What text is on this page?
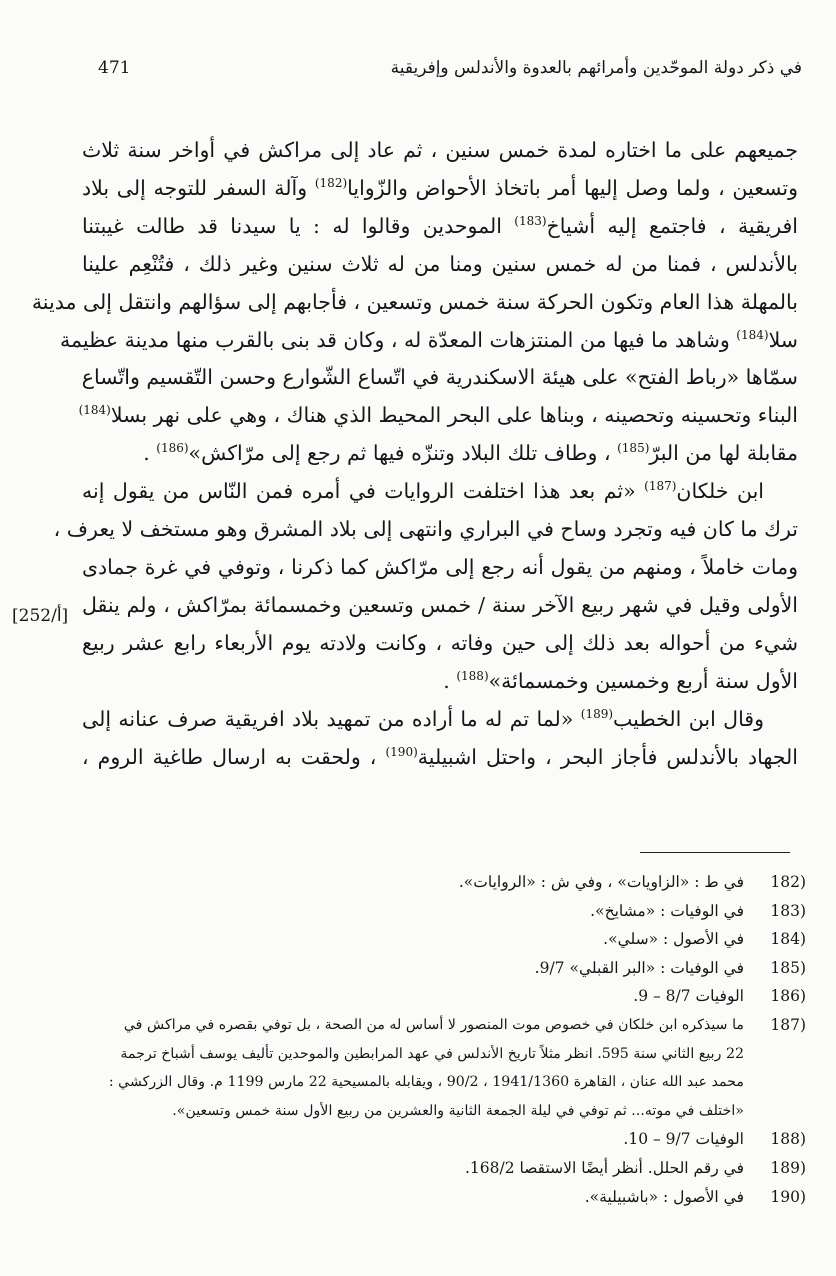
471	في ذكر دولة الموحّدين وأمرائهم بالعدوة والأندلس وإفريقية
[252/أ]

جميعهم على ما اختاره لمدة خمس سنين ، ثم عاد إلى مراكش في أواخر سنة ثلاث
وتسعين ، ولما وصل إليها أمر باتخاذ الأحواض والزّوايا$^{(182)}$ وآلة السفر للتوجه إلى بلاد
افريقية ، فاجتمع إليه أشياخ$^{(183)}$ الموحدين وقالوا له : يا سيدنا قد طالت غيبتنا
بالأندلس ، فمنا من له خمس سنين ومنا من له ثلاث سنين وغير ذلك ، فتُنْعِم علينا
بالمهلة هذا العام وتكون الحركة سنة خمس وتسعين ، فأجابهم إلى سؤالهم وانتقل إلى مدينة
سلا$^{(184)}$ وشاهد ما فيها من المنتزهات المعدّة له ، وكان قد بنى بالقرب منها مدينة عظيمة
سمّاها «رباط الفتح» على هيئة الاسكندرية في اتّساع الشّوارع وحسن التّقسيم واتّساع
البناء وتحسينه وتحصينه ، وبناها على البحر المحيط الذي هناك ، وهي على نهر بسلا$^{(184)}$
مقابلة لها من البرّ$^{(185)}$ ، وطاف تلك البلاد وتنزّه فيها ثم رجع إلى مرّاكش»$^{(186)}$ .

ابن خلكان$^{(187)}$ «ثم بعد هذا اختلفت الروايات في أمره فمن النّاس من يقول إنه
ترك ما كان فيه وتجرد وساح في البراري وانتهى إلى بلاد المشرق وهو مستخف لا يعرف ،
ومات خاملاً ، ومنهم من يقول أنه رجع إلى مرّاكش كما ذكرنا ، وتوفي في غرة جمادى
الأولى وقيل في شهر ربيع الآخر سنة / خمس وتسعين وخمسمائة بمرّاكش ، ولم ينقل
شيء من أحواله بعد ذلك إلى حين وفاته ، وكانت ولادته يوم الأربعاء رابع عشر ربيع
الأول سنة أربع وخمسين وخمسمائة»$^{(188)}$ .

وقال ابن الخطيب$^{(189)}$ «لما تم له ما أراده من تمهيد بلاد افريقية صرف عنانه إلى
الجهاد بالأندلس فأجاز البحر ، واحتل اشبيلية$^{(190)}$ ، ولحقت به ارسال طاغية الروم ،

182)
في ط : «الزاويات» ، وفي ش : «الروايات».
183)
في الوفيات : «مشايخ».
184)
في الأصول : «سلي».
185)
في الوفيات : «البر القبلي» 9/7.
186)
الوفيات 8/7 – 9.
187)
ما سيذكره ابن خلكان في خصوص موت المنصور لا أساس له من الصحة ، بل توفي بقصره في مراكش في
22 ربيع الثاني سنة 595. انظر مثلاً تاريخ الأندلس في عهد المرابطين والموحدين تأليف يوسف أشباخ ترجمة
محمد عبد الله عنان ، القاهرة 1941/1360 ، 90/2 ، ويقابله بالمسيحية 22 مارس 1199 م. وقال الزركشي :
«اختلف في موته... ثم توفي في ليلة الجمعة الثانية والعشرين من ربيع الأول سنة خمس وتسعين».
188)
الوفيات 9/7 – 10.
189)
في رقم الحلل. أنظر أيضًا الاستقصا 168/2.
190)
في الأصول : «باشبيلية».
